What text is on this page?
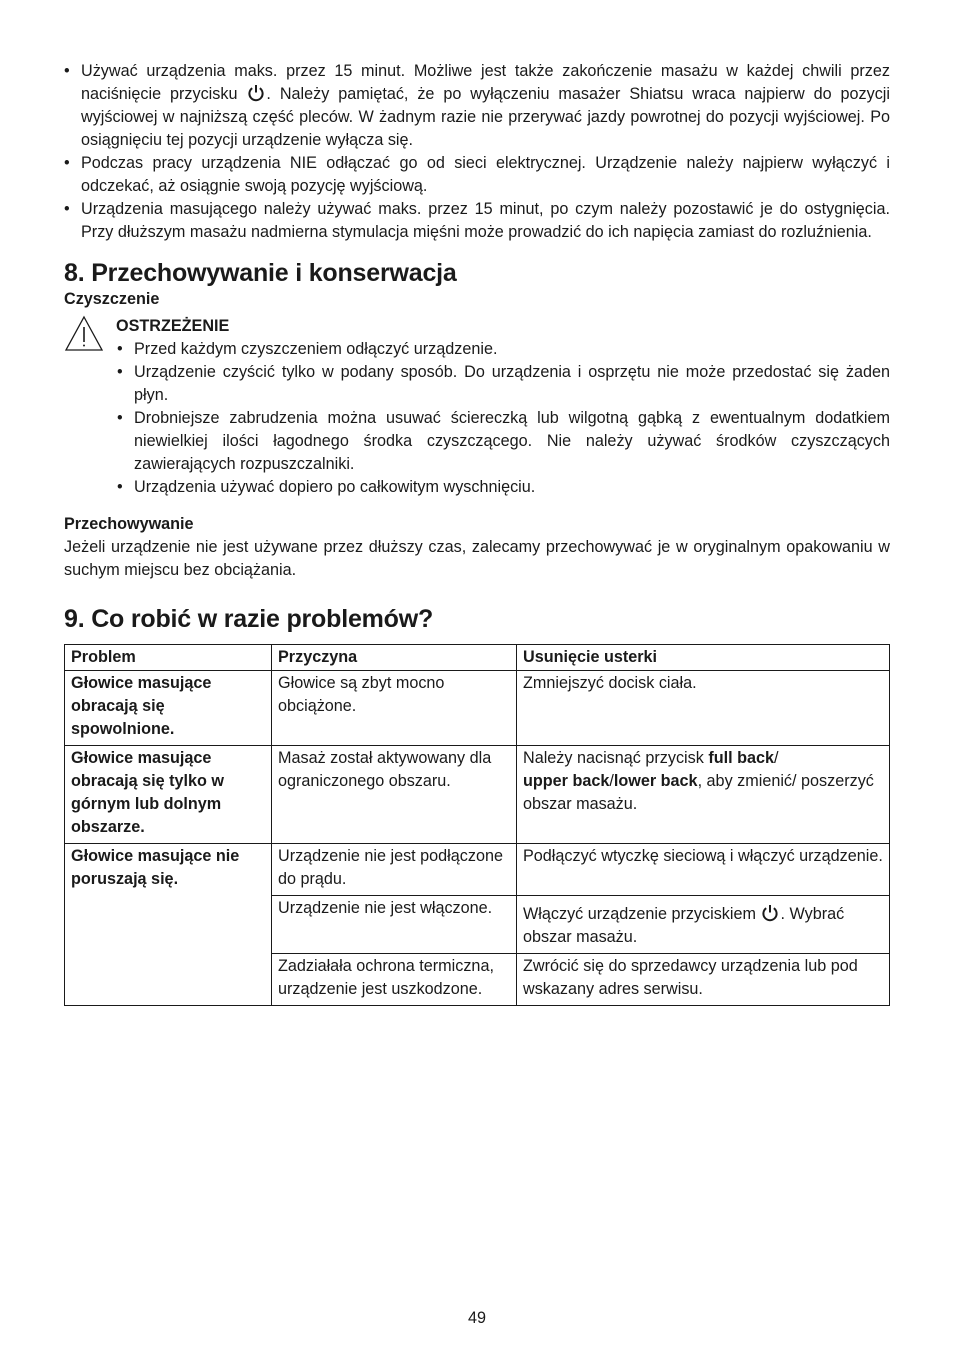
• Używać urządzenia maks. przez 15 minut. Możliwe jest także zakończenie masażu w każdej chwili przez naciśnięcie przycisku . Należy pamiętać, że po wyłączeniu masażer Shiatsu wraca najpierw do pozycji wyjściowej w najniższą część pleców. W żadnym razie nie przerywać jazdy powrotnej do pozycji wyjściowej. Po osiągnięciu tej pozycji urządzenie wyłącza się.
• Podczas pracy urządzenia NIE odłączać go od sieci elektrycznej. Urządzenie należy najpierw wyłączyć i odczekać, aż osiągnie swoją pozycję wyjściową.
• Urządzenia masującego należy używać maks. przez 15 minut, po czym należy pozostawić je do ostygnięcia. Przy dłuższym masażu nadmierna stymulacja mięśni może prowadzić do ich napięcia zamiast do rozluźnienia.
8. Przechowywanie i konserwacja
Czyszczenie
OSTRZEŻENIE
• Przed każdym czyszczeniem odłączyć urządzenie.
• Urządzenie czyścić tylko w podany sposób. Do urządzenia i osprzętu nie może przedostać się żaden płyn.
• Drobniejsze zabrudzenia można usuwać ściereczką lub wilgotną gąbką z ewentualnym dodatkiem niewielkiej ilości łagodnego środka czyszczącego. Nie należy używać środków czyszczących zawierających rozpuszczalniki.
• Urządzenia używać dopiero po całkowitym wyschnięciu.
Przechowywanie

Jeżeli urządzenie nie jest używane przez dłuższy czas, zalecamy przechowywać je w oryginalnym opakowaniu w suchym miejscu bez obciążania.

9. Co robić w razie problemów?
Problem	Przyczyna	Usunięcie usterki
Głowice masujące obracają się spowolnione.	Głowice są zbyt mocno obciążone.	Zmniejszyć docisk ciała.
Głowice masujące obracają się tylko w górnym lub dolnym obszarze.	Masaż został aktywowany dla ograniczonego obszaru.	Należy nacisnąć przycisk full back/
upper back/lower back, aby zmienić/ poszerzyć obszar masażu.
Głowice masujące nie poruszają się.	Urządzenie nie jest podłączone do prądu.	Podłączyć wtyczkę sieciową i włączyć urządzenie.
	Urządzenie nie jest włączone.	Włączyć urządzenie przyciskiem . Wybrać obszar masażu.
	Zadziałała ochrona termiczna, urządzenie jest uszkodzone.	Zwrócić się do sprzedawcy urządzenia lub pod wskazany adres serwisu.
49
